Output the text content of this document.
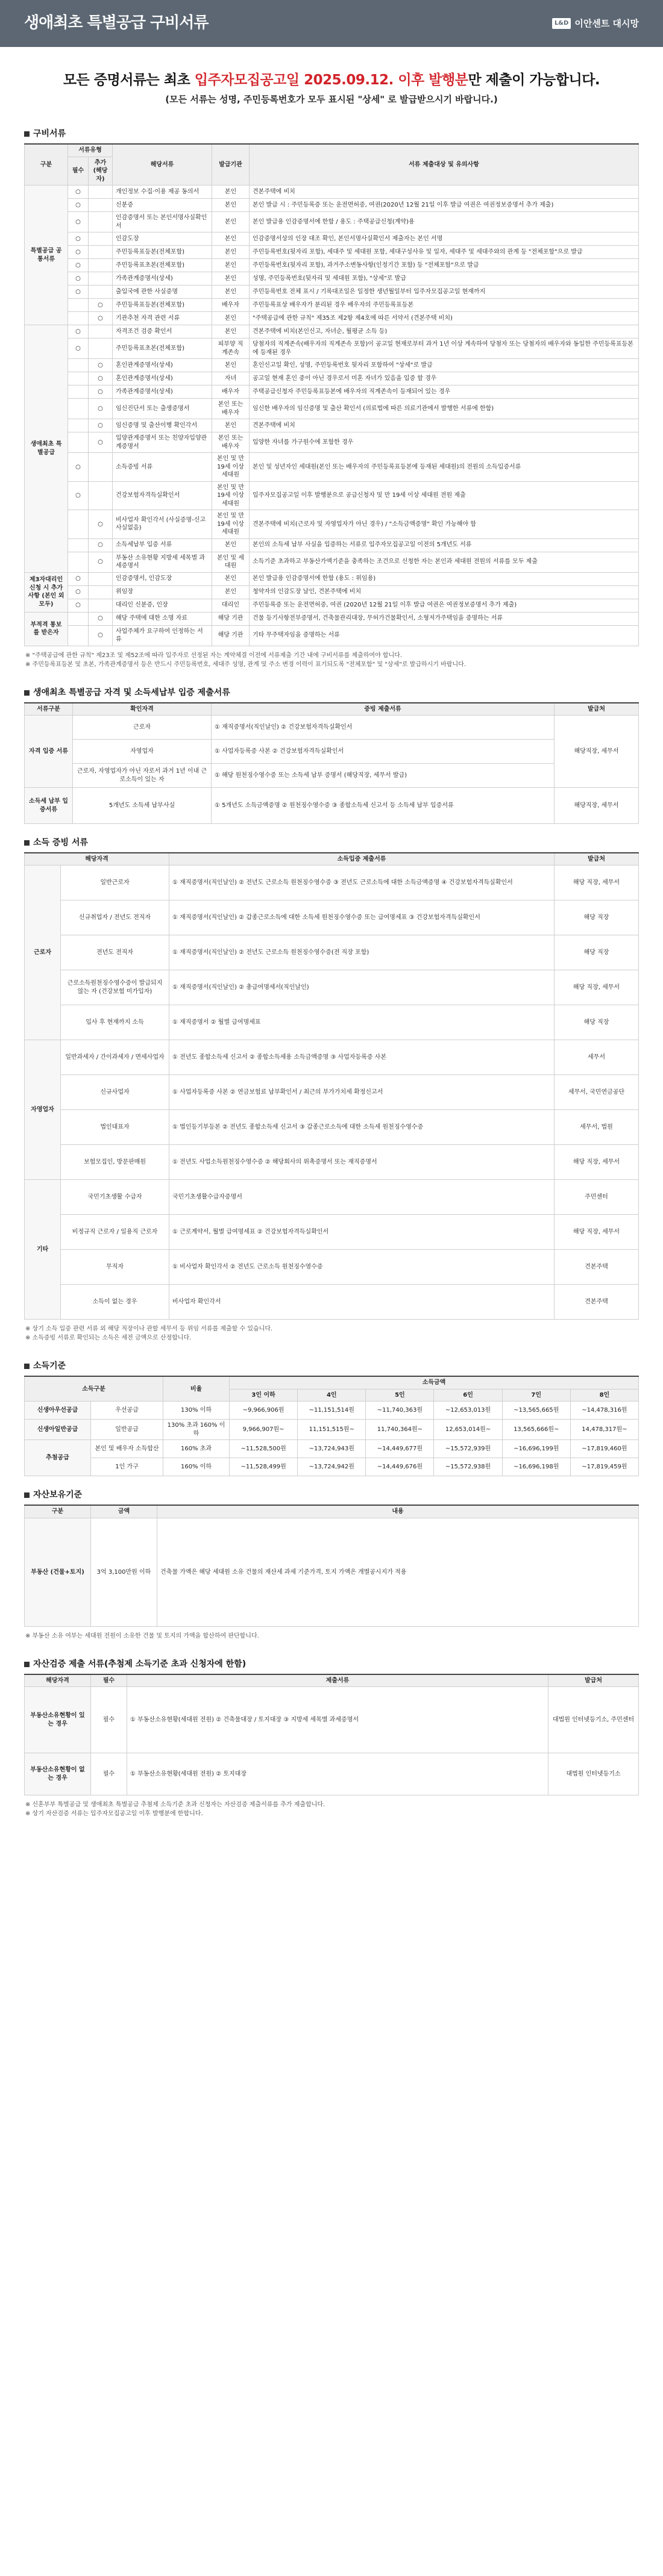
생애최초 특별공급 구비서류	L&D 이안센트 대시망
모든 증명서류는 최초 입주자모집공고일 2025.09.12. 이후 발행분만 제출이 가능합니다.
(모든 서류는 성명, 주민등록번호가 모두 표시된 "상세" 로 발급받으시기 바랍니다.)
구비서류
구분	서류유형		해당서류	발급기관	서류 제출대상 및 유의사항
	필수	추가 (해당자)			
특별공급 공통서류	○		개인정보 수집·이용 제공 동의서	본인	견본주택에 비치
	○		신분증	본인	본인 발급 시 : 주민등록증 또는 운전면허증, 여권(2020년 12월 21일 이후 발급 여권은 여권정보증명서 추가 제출)
	○		인감증명서 또는 본인서명사실확인서	본인	본인 발급용 인감증명서에 한함 / 용도 : 주택공급신청(계약)용
	○		인감도장	본인	인감증명서상의 인장 대조 확인, 본인서명사실확인서 제출자는 본인 서명
	○		주민등록표등본(전체포함)	본인	주민등록번호(뒷자리 포함), 세대주 및 세대원 포함, 세대구성사유 및 일자, 세대주 및 세대주와의 관계 등 "전체포함"으로 발급
	○		주민등록표초본(전체포함)	본인	주민등록번호(뒷자리 포함), 과거주소변동사항(인정기간 포함) 등 "전체포함"으로 발급
	○		가족관계증명서(상세)	본인	성명, 주민등록번호(뒷자리 및 세대원 포함), "상세"로 발급
	○		출입국에 관한 사실증명	본인	주민등록번호 전체 표시 / 기록대조일은 일정한 생년월일부터 입주자모집공고일 현재까지
		○	주민등록표등본(전체포함)	배우자	주민등록표상 배우자가 분리된 경우 배우자의 주민등록표등본
		○	기관추천 자격 관련 서류	본인	"주택공급에 관한 규칙" 제35조 제2항 제4호에 따른 서약서 (견본주택 비치)
생애최초 특별공급	○		자격조건 검증 확인서	본인	견본주택에 비치(본인신고, 자녀순, 월평균 소득 등)
	○		주민등록표초본(전체포함)	피부양 직계존속	당첨자의 직계존속(배우자의 직계존속 포함)이 공고일 현재로부터 과거 1년 이상 계속하여 당첨자 또는 당첨자의 배우자와 동일한 주민등록표등본에 등재된 경우
		○	혼인관계증명서(상세)	본인	혼인신고일 확인, 성명, 주민등록번호 뒷자리 포함하여 "상세"로 발급
		○	혼인관계증명서(상세)	자녀	공고일 현재 혼인 중이 아닌 경우로서 미혼 자녀가 있음을 입증 할 경우
		○	가족관계증명서(상세)	배우자	주택공급신청자 주민등록표등본에 배우자의 직계존속이 등재되어 있는 경우
		○	임신진단서 또는 출생증명서	본인 또는 배우자	임신한 배우자의 임신증명 및 출산 확인서 (의료법에 따른 의료기관에서 발행한 서류에 한함)
		○	임신증명 및 출산이행 확인각서	본인	견본주택에 비치
		○	입양관계증명서 또는 친양자입양관계증명서	본인 또는 배우자	입양한 자녀를 가구원수에 포함한 경우
	○		소득증빙 서류	본인 및 만19세 이상 세대원	본인 및 성년자인 세대원(본인 또는 배우자의 주민등록표등본에 등재된 세대원)의 전원의 소득입증서류
	○		건강보험자격득실확인서	본인 및 만19세 이상 세대원	입주자모집공고일 이후 발행분으로 공급신청자 및 만 19세 이상 세대원 전원 제출
		○	비사업자 확인각서 (사실증명-신고사실없음)	본인 및 만19세 이상 세대원	견본주택에 비치(근로자 및 자영업자가 아닌 경우) / "소득금액증명" 확인 가능해야 함
		○	소득세납부 입증 서류	본인	본인의 소득세 납부 사실을 입증하는 서류로 입주자모집공고일 이전의 5개년도 서류
		○	부동산 소유현황 지방세 세목별 과세증명서	본인 및 세대원	소득기준 초과하고 부동산가액기준을 충족하는 조건으로 신청한 자는 본인과 세대원 전원의 서류를 모두 제출
제3자대리인 신청 시 추가사항 (본인 외 모두)	○		인감증명서, 인감도장	본인	본인 발급용 인감증명서에 한함 (용도 : 위임용)
	○		위임장	본인	청약자의 인감도장 날인, 견본주택에 비치
	○		대리인 신분증, 인장	대리인	주민등록증 또는 운전면허증, 여권 (2020년 12월 21일 이후 발급 여권은 여권정보증명서 추가 제출)
부적격 통보를 받은자		○	해당 주택에 대한 소명 자료	해당 기관	건물 등기사항전부증명서, 건축물관리대장, 무허가건물확인서, 소형저가주택임을 증명하는 서류
		○	사업주체가 요구하여 인정하는 서류	해당 기관	기타 무주택자임을 증명하는 서류
※ "주택공급에 관한 규칙" 제23조 및 제52조에 따라 입주자로 선정된 자는 계약체결 이전에 서류제출 기간 내에 구비서류를 제출하여야 합니다.
※ 주민등록표등본 및 초본, 가족관계증명서 등은 반드시 주민등록번호, 세대주 성명, 관계 및 주소 변경 이력이 표기되도록 "전체포함" 및 "상세"로 발급하시기 바랍니다.
생애최초 특별공급 자격 및 소득세납부 입증 제출서류
서류구분	확인자격	증빙 제출서류	발급처
자격 입증 서류	근로자	① 재직증명서(직인날인) ② 건강보험자격득실확인서	해당직장, 세무서
	자영업자	① 사업자등록증 사본 ② 건강보험자격득실확인서	
	근로자, 자영업자가 아닌 자로서 과거 1년 이내 근로소득이 있는 자	① 해당 원천징수영수증 또는 소득세 납부 증명서 (해당직장, 세무서 발급)	
소득세 납부 입증서류	5개년도 소득세 납부사실	① 5개년도 소득금액증명 ② 원천징수영수증 ③ 종합소득세 신고서 등 소득세 납부 입증서류	해당직장, 세무서
소득 증빙 서류
해당자격		소득입증 제출서류	발급처
근로자	일반근로자	① 재직증명서(직인날인) ② 전년도 근로소득 원천징수영수증 ③ 전년도 근로소득에 대한 소득금액증명 ④ 건강보험자격득실확인서	해당 직장, 세무서
	신규취업자 / 전년도 전직자	① 재직증명서(직인날인) ② 갑종근로소득에 대한 소득세 원천징수영수증 또는 급여명세표 ③ 건강보험자격득실확인서	해당 직장
	전년도 전직자	① 재직증명서(직인날인) ② 전년도 근로소득 원천징수영수증(전 직장 포함)	해당 직장
	근로소득원천징수영수증이 발급되지 않는 자 (건강보험 미가입자)	① 재직증명서(직인날인) ② 총급여명세서(직인날인)	해당 직장, 세무서
	입사 후 현재까지 소득	① 재직증명서 ② 월별 급여명세표	해당 직장
자영업자	일반과세자 / 간이과세자 / 면세사업자	① 전년도 종합소득세 신고서 ② 종합소득세용 소득금액증명 ③ 사업자등록증 사본	세무서
	신규사업자	① 사업자등록증 사본 ② 연금보험료 납부확인서 / 최근의 부가가치세 확정신고서	세무서, 국민연금공단
	법인대표자	① 법인등기부등본 ② 전년도 종합소득세 신고서 ③ 갑종근로소득에 대한 소득세 원천징수영수증	세무서, 법원
	보험모집인, 방문판매원	① 전년도 사업소득원천징수영수증 ② 해당회사의 위촉증명서 또는 재직증명서	해당 직장, 세무서
기타	국민기초생활 수급자	국민기초생활수급자증명서	주민센터
	비정규직 근로자 / 일용직 근로자	① 근로계약서, 월별 급여명세표 ② 건강보험자격득실확인서	해당 직장, 세무서
	무직자	① 비사업자 확인각서 ② 전년도 근로소득 원천징수영수증	견본주택
	소득이 없는 경우	비사업자 확인각서	견본주택
※ 상기 소득 입증 관련 서류 외 해당 직장이나 관할 세무서 등 위임 서류를 제출할 수 있습니다.
※ 소득증빙 서류로 확인되는 소득은 세전 금액으로 산정합니다.
소득기준
소득구분		비율	소득금액					
			3인 이하	4인	5인	6인	7인	8인
신생아우선공급	우선공급	130% 이하	~9,966,906원	~11,151,514원	~11,740,363원	~12,653,013원	~13,565,665원	~14,478,316원
신생아일반공급	일반공급	130% 초과 160% 이하	9,966,907원~	11,151,515원~	11,740,364원~	12,653,014원~	13,565,666원~	14,478,317원~
추첨공급	본인 및 배우자 소득합산	160% 초과	~11,528,500원	~13,724,943원	~14,449,677원	~15,572,939원	~16,696,199원	~17,819,460원
	1인 가구	160% 이하	~11,528,499원	~13,724,942원	~14,449,676원	~15,572,938원	~16,696,198원	~17,819,459원
자산보유기준
구분	금액	내용
부동산 (건물+토지)	3억 3,100만원 이하	건축물 가액은 해당 세대원 소유 건물의 재산세 과세 기준가격, 토지 가액은 개별공시지가 적용
※ 부동산 소유 여부는 세대원 전원이 소유한 건물 및 토지의 가액을 합산하여 판단합니다.
자산검증 제출 서류(추첨제 소득기준 초과 신청자에 한함)
해당자격	필수	제출서류	발급처
부동산소유현황이 있는 경우	필수	① 부동산소유현황(세대원 전원) ② 건축물대장 / 토지대장 ③ 지방세 세목별 과세증명서	대법원 인터넷등기소, 주민센터
부동산소유현황이 없는 경우	필수	① 부동산소유현황(세대원 전원) ② 토지대장	대법원 인터넷등기소
※ 신혼부부 특별공급 및 생애최초 특별공급 추첨제 소득기준 초과 신청자는 자산검증 제출서류를 추가 제출합니다.
※ 상기 자산검증 서류는 입주자모집공고일 이후 발행분에 한합니다.
